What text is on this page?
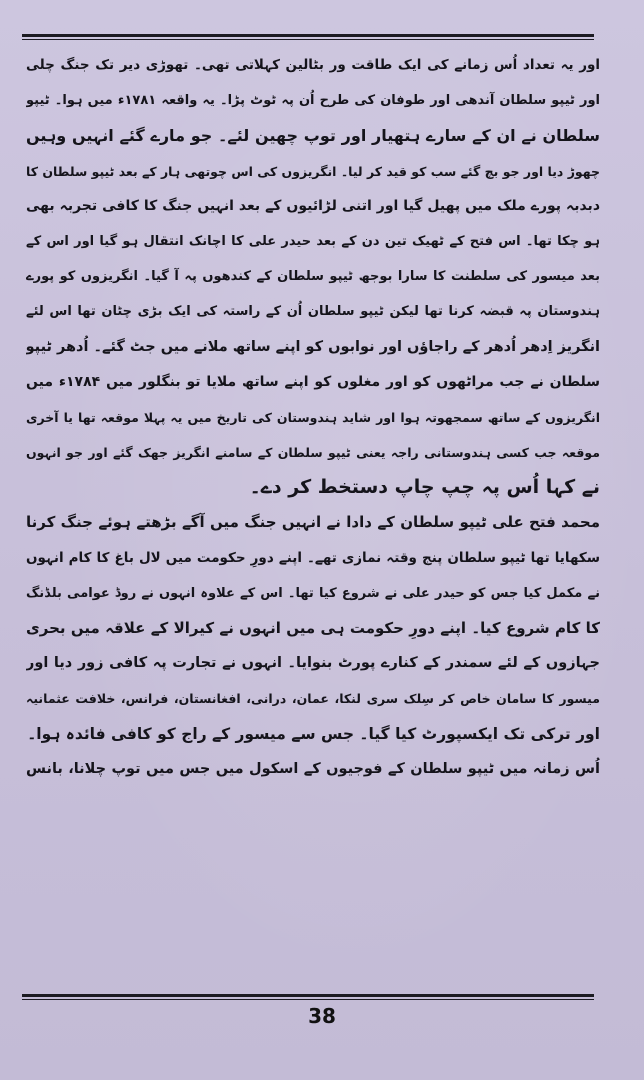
اور یہ تعداد اُس زمانے کی ایک طاقت ور بٹالین کہلاتی تھی۔ تھوڑی دیر تک جنگ چلی
اور ٹیپو سلطان آندھی اور طوفان کی طرح اُن پہ ٹوٹ پڑا۔ یہ واقعہ ۱۷۸۱ء میں ہوا۔ ٹیپو
سلطان نے ان کے سارے ہتھیار اور توپ چھین لئے۔ جو مارے گئے انہیں وہیں
چھوڑ دیا اور جو بچ گئے سب کو قید کر لیا۔ انگریزوں کی اس چوتھی ہار کے بعد ٹیپو سلطان کا
دبدبہ پورے ملک میں پھیل گیا اور اتنی لڑائیوں کے بعد انہیں جنگ کا کافی تجربہ بھی
ہو چکا تھا۔ اس فتح کے ٹھیک تین دن کے بعد حیدر علی کا اچانک انتقال ہو گیا اور اس کے
بعد میسور کی سلطنت کا سارا بوجھ ٹیپو سلطان کے کندھوں پہ آ گیا۔ انگریزوں کو پورے
ہندوستان پہ قبضہ کرنا تھا لیکن ٹیپو سلطان اُن کے راستہ کی ایک بڑی چٹان تھا اس لئے
انگریز اِدھر اُدھر کے راجاؤں اور نوابوں کو اپنے ساتھ ملانے میں جٹ گئے۔ اُدھر ٹیپو
سلطان نے جب مراٹھوں کو اور مغلوں کو اپنے ساتھ ملایا تو بنگلور میں ۱۷۸۴ء میں
انگریزوں کے ساتھ سمجھوتہ ہوا اور شاید ہندوستان کی تاریخ میں یہ پہلا موقعہ تھا یا آخری
موقعہ جب کسی ہندوستانی راجہ یعنی ٹیپو سلطان کے سامنے انگریز جھک گئے اور جو انہوں
نے کہا اُس پہ چپ چاپ دستخط کر دے۔
محمد فتح علی ٹیپو سلطان کے دادا نے انہیں جنگ میں آگے بڑھتے ہوئے جنگ کرنا
سکھایا تھا ٹیپو سلطان پنج وقتہ نمازی تھے۔ اپنے دورِ حکومت میں لال باغ کا کام انہوں
نے مکمل کیا جس کو حیدر علی نے شروع کیا تھا۔ اس کے علاوہ انہوں نے روڈ عوامی بلڈنگ
کا کام شروع کیا۔ اپنے دورِ حکومت ہی میں انہوں نے کیرالا کے علاقہ میں بحری
جہازوں کے لئے سمندر کے کنارے پورٹ بنوایا۔ انہوں نے تجارت پہ کافی زور دیا اور
میسور کا سامان خاص کر سِلک سری لنکا، عمان، درانی، افغانستان، فرانس، خلافت عثمانیہ
اور ترکی تک ایکسپورٹ کیا گیا۔ جس سے میسور کے راج کو کافی فائدہ ہوا۔
اُس زمانہ میں ٹیپو سلطان کے فوجیوں کے اسکول میں جس میں توپ چلانا، بانس
38
